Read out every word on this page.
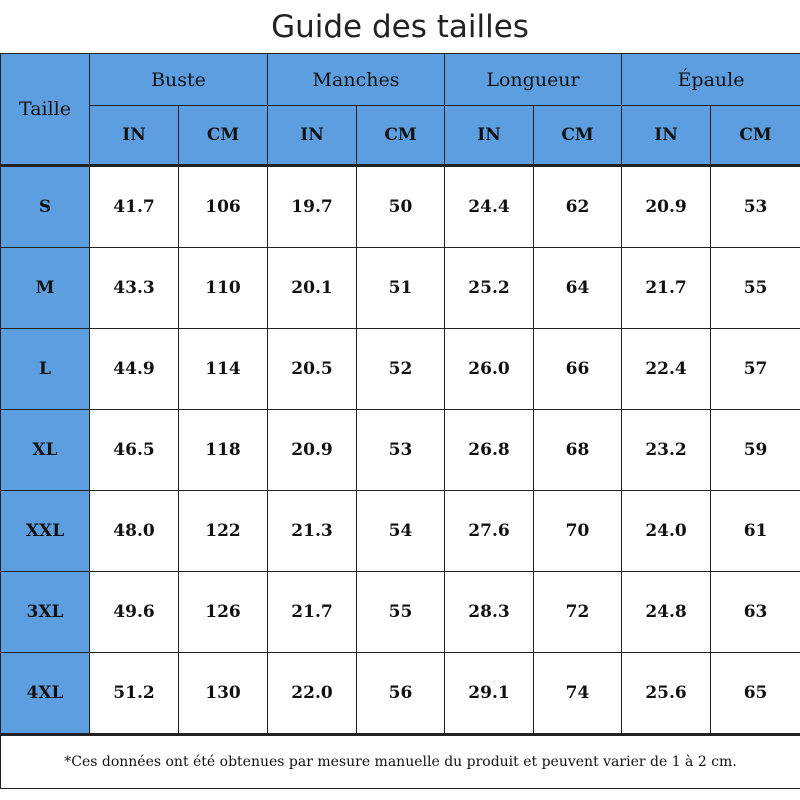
Guide des tailles
Taille	Buste		Manches		Longueur		Épaule	
	IN	CM	IN	CM	IN	CM	IN	CM
S	41.7	106	19.7	50	24.4	62	20.9	53
M	43.3	110	20.1	51	25.2	64	21.7	55
L	44.9	114	20.5	52	26.0	66	22.4	57
XL	46.5	118	20.9	53	26.8	68	23.2	59
XXL	48.0	122	21.3	54	27.6	70	24.0	61
3XL	49.6	126	21.7	55	28.3	72	24.8	63
4XL	51.2	130	22.0	56	29.1	74	25.6	65
*Ces données ont été obtenues par mesure manuelle du produit et peuvent varier de 1 à 2 cm.								
